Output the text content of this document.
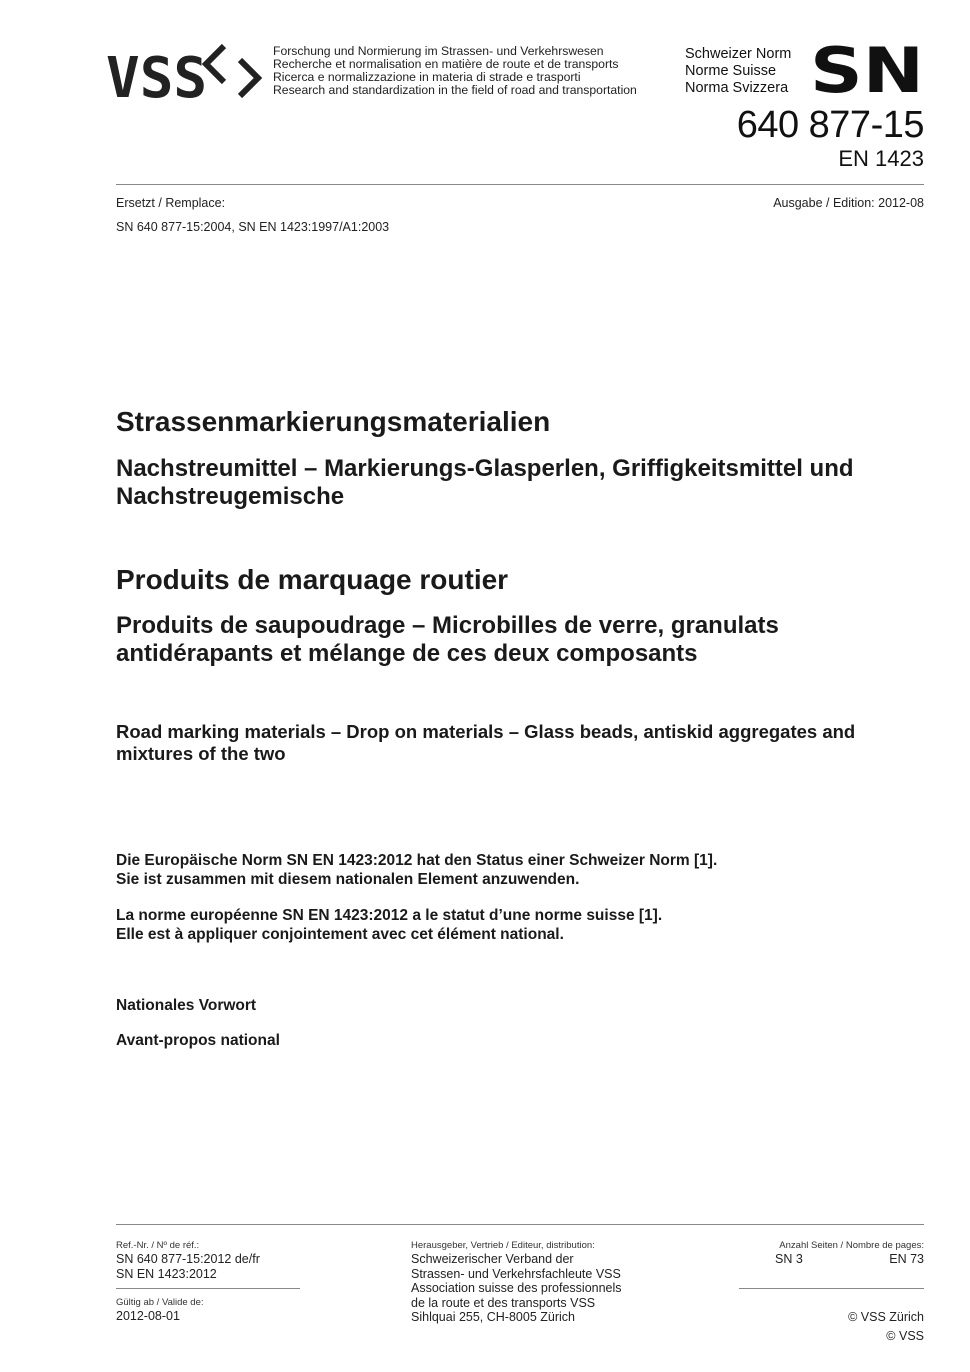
VSS	Forschung und Normierung im Strassen- und Verkehrswesen
Recherche et normalisation en matière de route et de transports
Ricerca e normalizzazione in materia di strade e trasporti
Research and standardization in the field of road and transportation
Schweizer Norm
Norme Suisse
Norma Svizzera SN
640 877-15
EN 1423
Ersetzt / Remplace:
SN 640 877-15:2004, SN EN 1423:1997/A1:2003
Ausgabe / Edition: 2012-08
Strassenmarkierungsmaterialien
Nachstreumittel – Markierungs-Glasperlen, Griffigkeitsmittel und Nachstreugemische
Produits de marquage routier
Produits de saupoudrage – Microbilles de verre, granulats antidérapants et mélange de ces deux composants
Road marking materials – Drop on materials – Glass beads, antiskid aggregates and mixtures of the two
Die Europäische Norm SN EN 1423:2012 hat den Status einer Schweizer Norm [1].
Sie ist zusammen mit diesem nationalen Element anzuwenden.
La norme européenne SN EN 1423:2012 a le statut d’une norme suisse [1].
Elle est à appliquer conjointement avec cet élément national.
Nationales Vorwort
Avant-propos national
Ref.-Nr. / Nº de réf.:
SN 640 877-15:2012 de/fr
SN EN 1423:2012
Gültig ab / Valide de:
2012-08-01
Herausgeber, Vertrieb / Editeur, distribution:
Schweizerischer Verband der
Strassen- und Verkehrsfachleute VSS
Association suisse des professionnels
de la route et des transports VSS
Sihlquai 255, CH-8005 Zürich
Anzahl Seiten / Nombre de pages:
SN 3	EN 73
© VSS Zürich
© VSS
